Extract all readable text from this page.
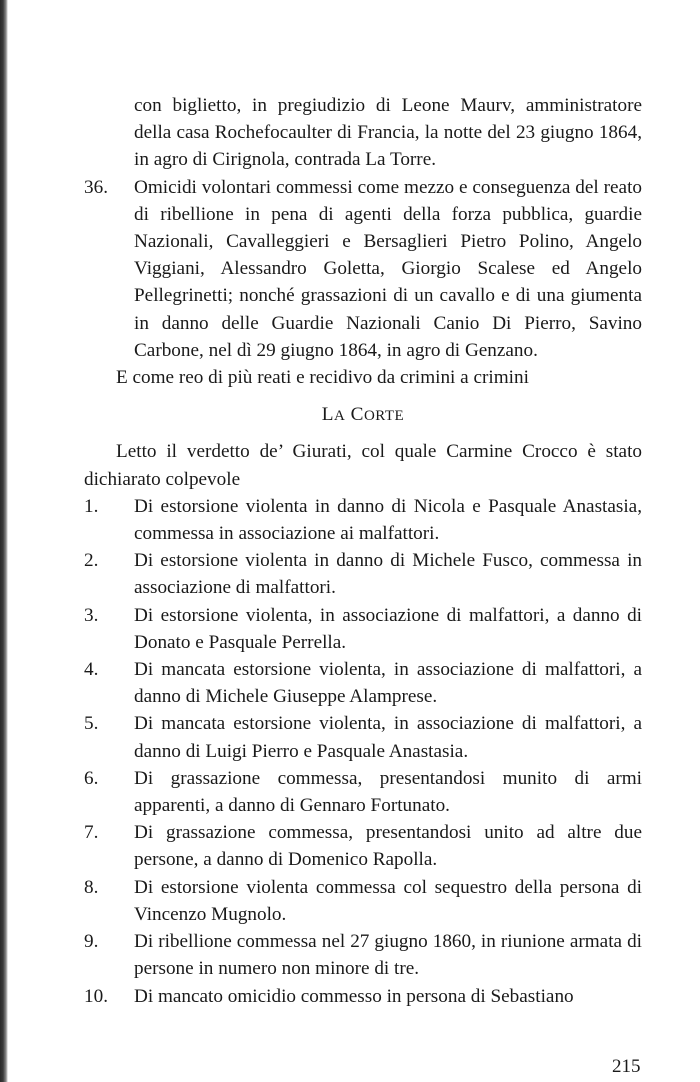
con biglietto, in pregiudizio di Leone Maurv, amministratore della casa Rochefocaulter di Francia, la notte del 23 giugno 1864, in agro di Cirignola, contrada La Torre.
36.	Omicidi volontari commessi come mezzo e conseguenza del reato di ribellione in pena di agenti della forza pubblica, guardie Nazionali, Cavalleggieri e Bersaglieri Pietro Polino, Angelo Viggiani, Alessandro Goletta, Giorgio Scalese ed Angelo Pellegrinetti; nonché grassazioni di un cavallo e di una giumenta in danno delle Guardie Nazionali Canio Di Pierro, Savino Carbone, nel dì 29 giugno 1864, in agro di Genzano.
E come reo di più reati e recidivo da crimini a crimini
LA CORTE
Letto il verdetto de’ Giurati, col quale Carmine Crocco è stato dichiarato colpevole
1.	Di estorsione violenta in danno di Nicola e Pasquale Anastasia, commessa in associazione ai malfattori.
2.	Di estorsione violenta in danno di Michele Fusco, commessa in associazione di malfattori.
3.	Di estorsione violenta, in associazione di malfattori, a danno di Donato e Pasquale Perrella.
4.	Di mancata estorsione violenta, in associazione di malfattori, a danno di Michele Giuseppe Alamprese.
5.	Di mancata estorsione violenta, in associazione di malfattori, a danno di Luigi Pierro e Pasquale Anastasia.
6.	Di grassazione commessa, presentandosi munito di armi apparenti, a danno di Gennaro Fortunato.
7.	Di grassazione commessa, presentandosi unito ad altre due persone, a danno di Domenico Rapolla.
8.	Di estorsione violenta commessa col sequestro della persona di Vincenzo Mugnolo.
9.	Di ribellione commessa nel 27 giugno 1860, in riunione armata di persone in numero non minore di tre.
10.	Di mancato omicidio commesso in persona di Sebastiano
215
